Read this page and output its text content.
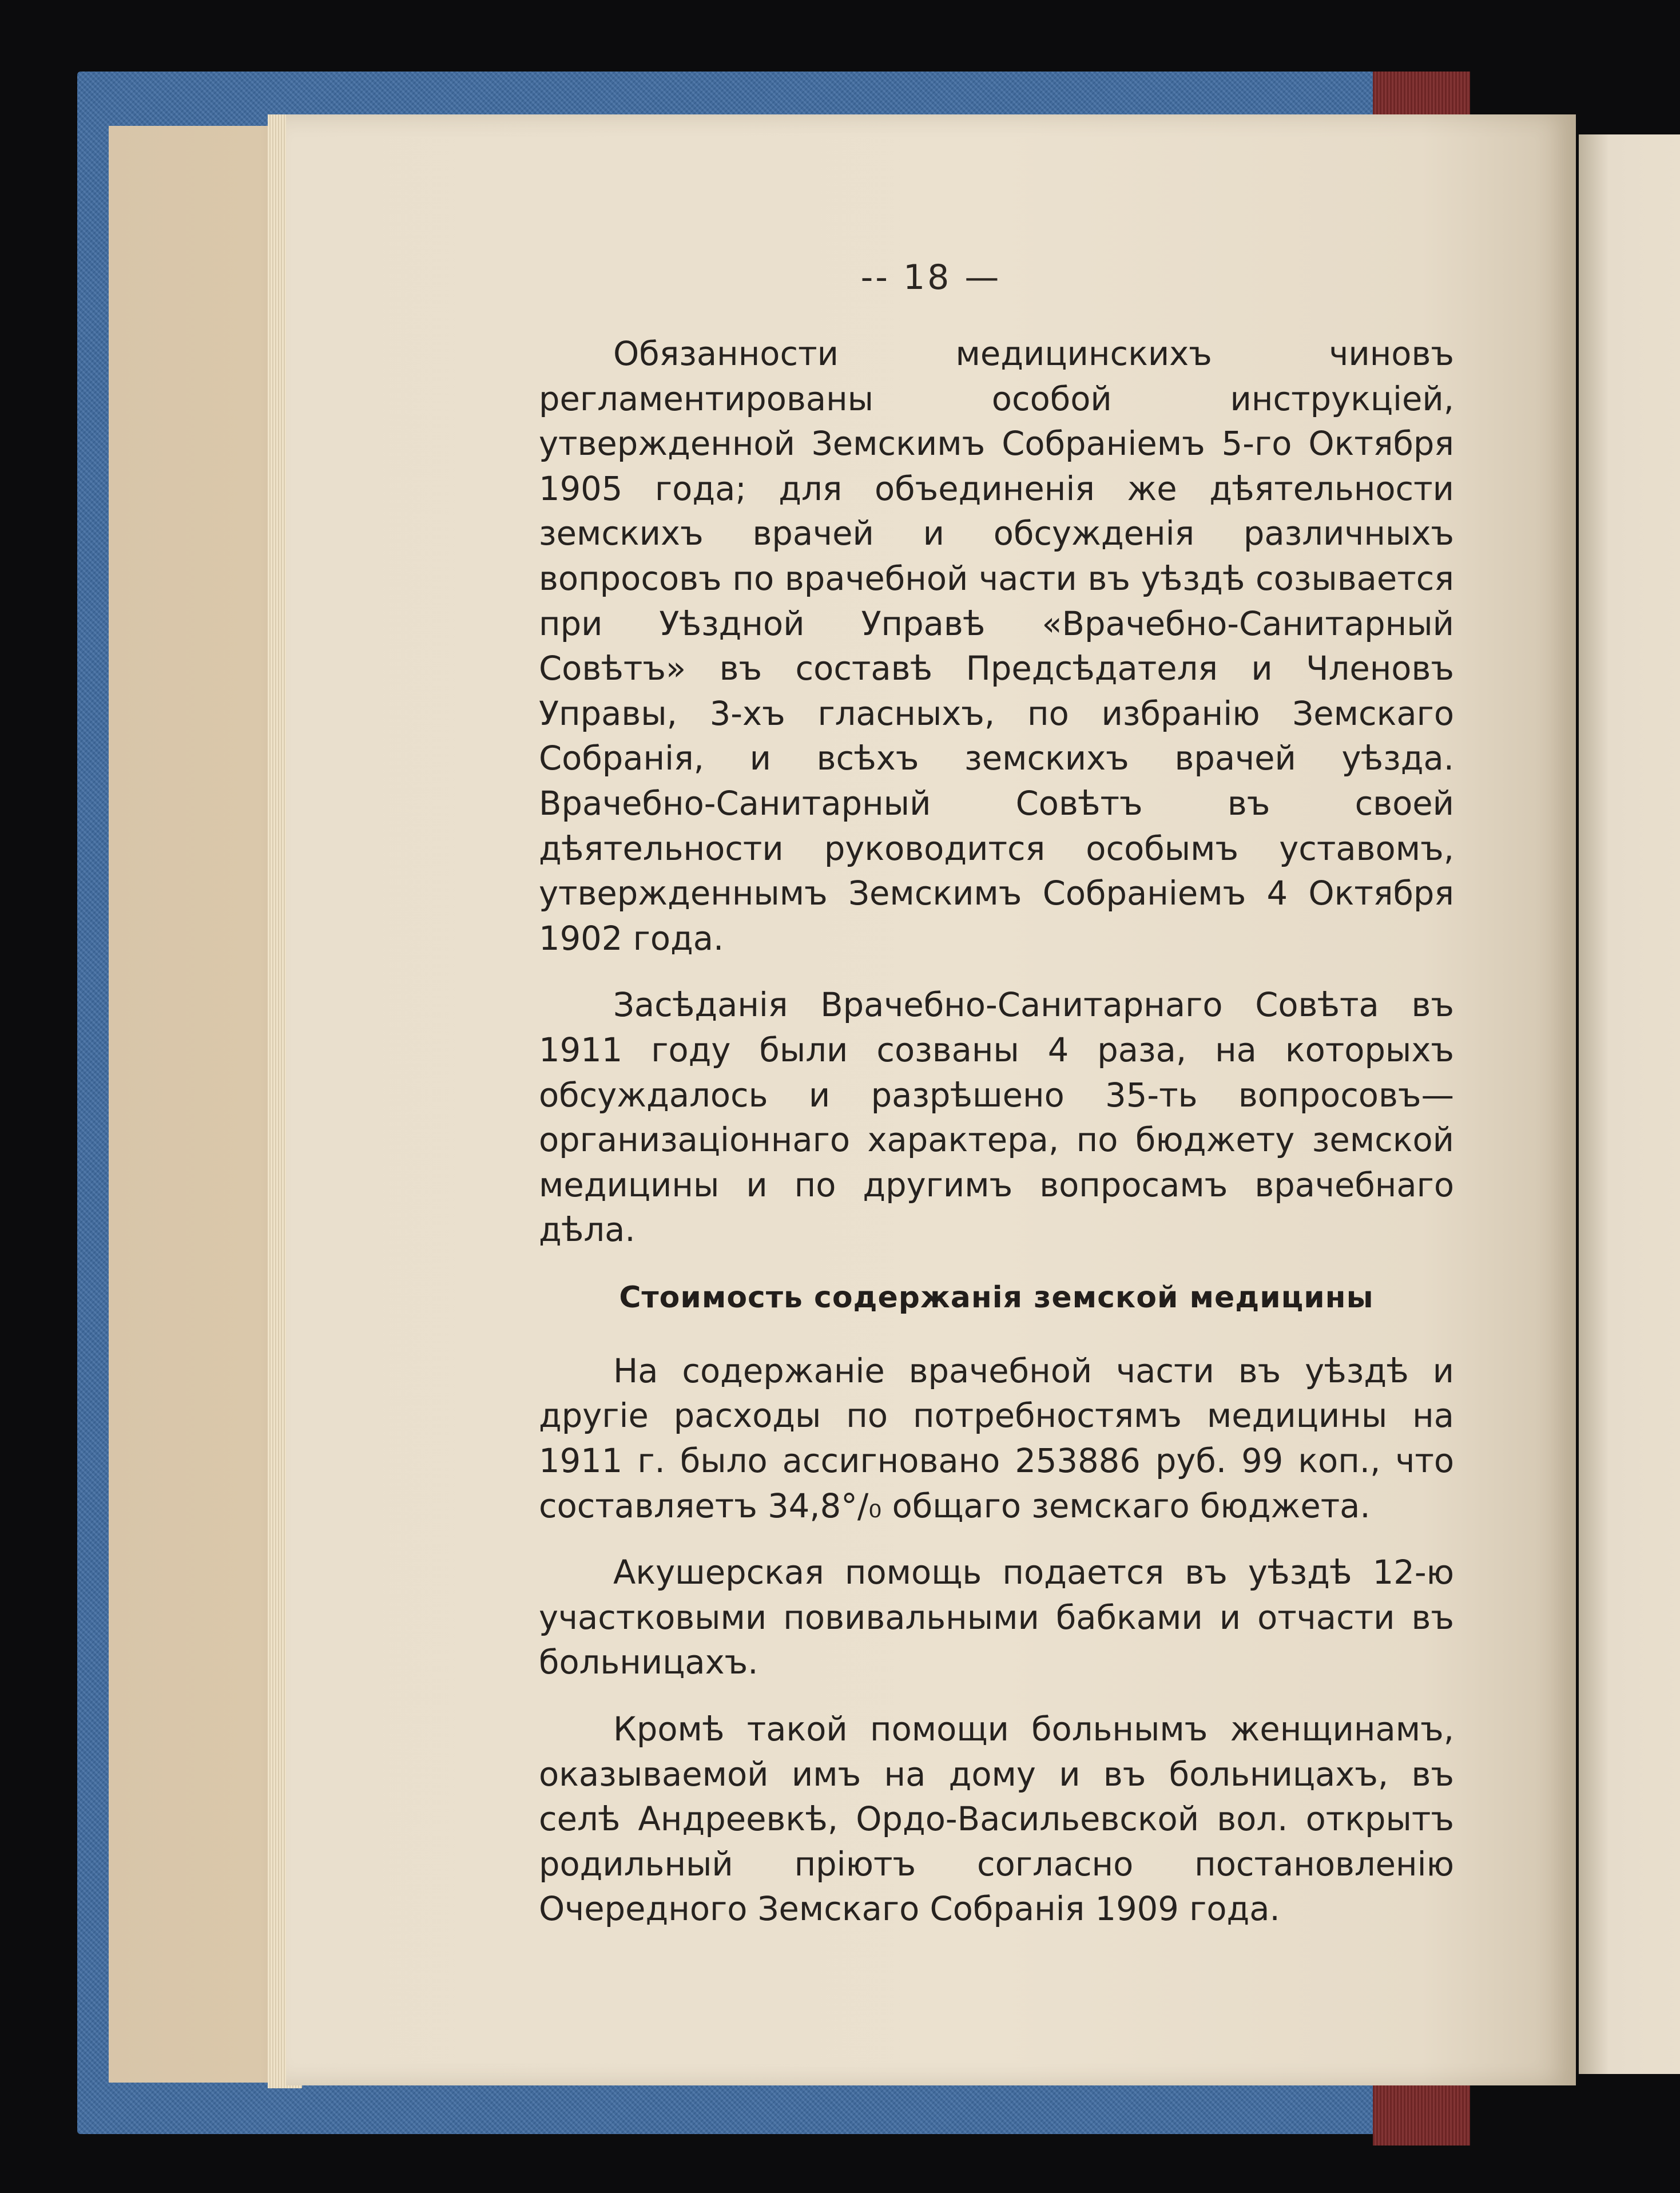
-- 18 —

Обязанности медицинскихъ чиновъ регламентированы особой инструкціей, утвержденной Земскимъ Собраніемъ 5-го Октября 1905 года; для объединенія же дѣятельности земскихъ врачей и обсужденія различныхъ вопросовъ по врачебной части въ уѣздѣ созывается при Уѣздной Управѣ «Врачебно-Санитарный Совѣтъ» въ составѣ Предсѣдателя и Членовъ Управы, 3-хъ гласныхъ, по избранію Земскаго Собранія, и всѣхъ земскихъ врачей уѣзда. Врачебно-Санитарный Совѣтъ въ своей дѣятельности руководится особымъ уставомъ, утвержденнымъ Земскимъ Собраніемъ 4 Октября 1902 года.

Засѣданія Врачебно-Санитарнаго Совѣта въ 1911 году были созваны 4 раза, на которыхъ обсуждалось и разрѣшено 35-ть вопросовъ—организаціоннаго характера, по бюджету земской медицины и по другимъ вопросамъ врачебнаго дѣла.

Стоимость содержанія земской медицины

На содержаніе врачебной части въ уѣздѣ и другіе расходы по потребностямъ медицины на 1911 г. было ассигновано 253886 руб. 99 коп., что составляетъ 34,8°/₀ общаго земскаго бюджета.

Акушерская помощь подается въ уѣздѣ 12-ю участковыми повивальными бабками и отчасти въ больницахъ.

Кромѣ такой помощи больнымъ женщинамъ, оказываемой имъ на дому и въ больницахъ, въ селѣ Андреевкѣ, Ордо-Васильевской вол. открытъ родильный пріютъ согласно постановленію Очередного Земскаго Собранія 1909 года.
